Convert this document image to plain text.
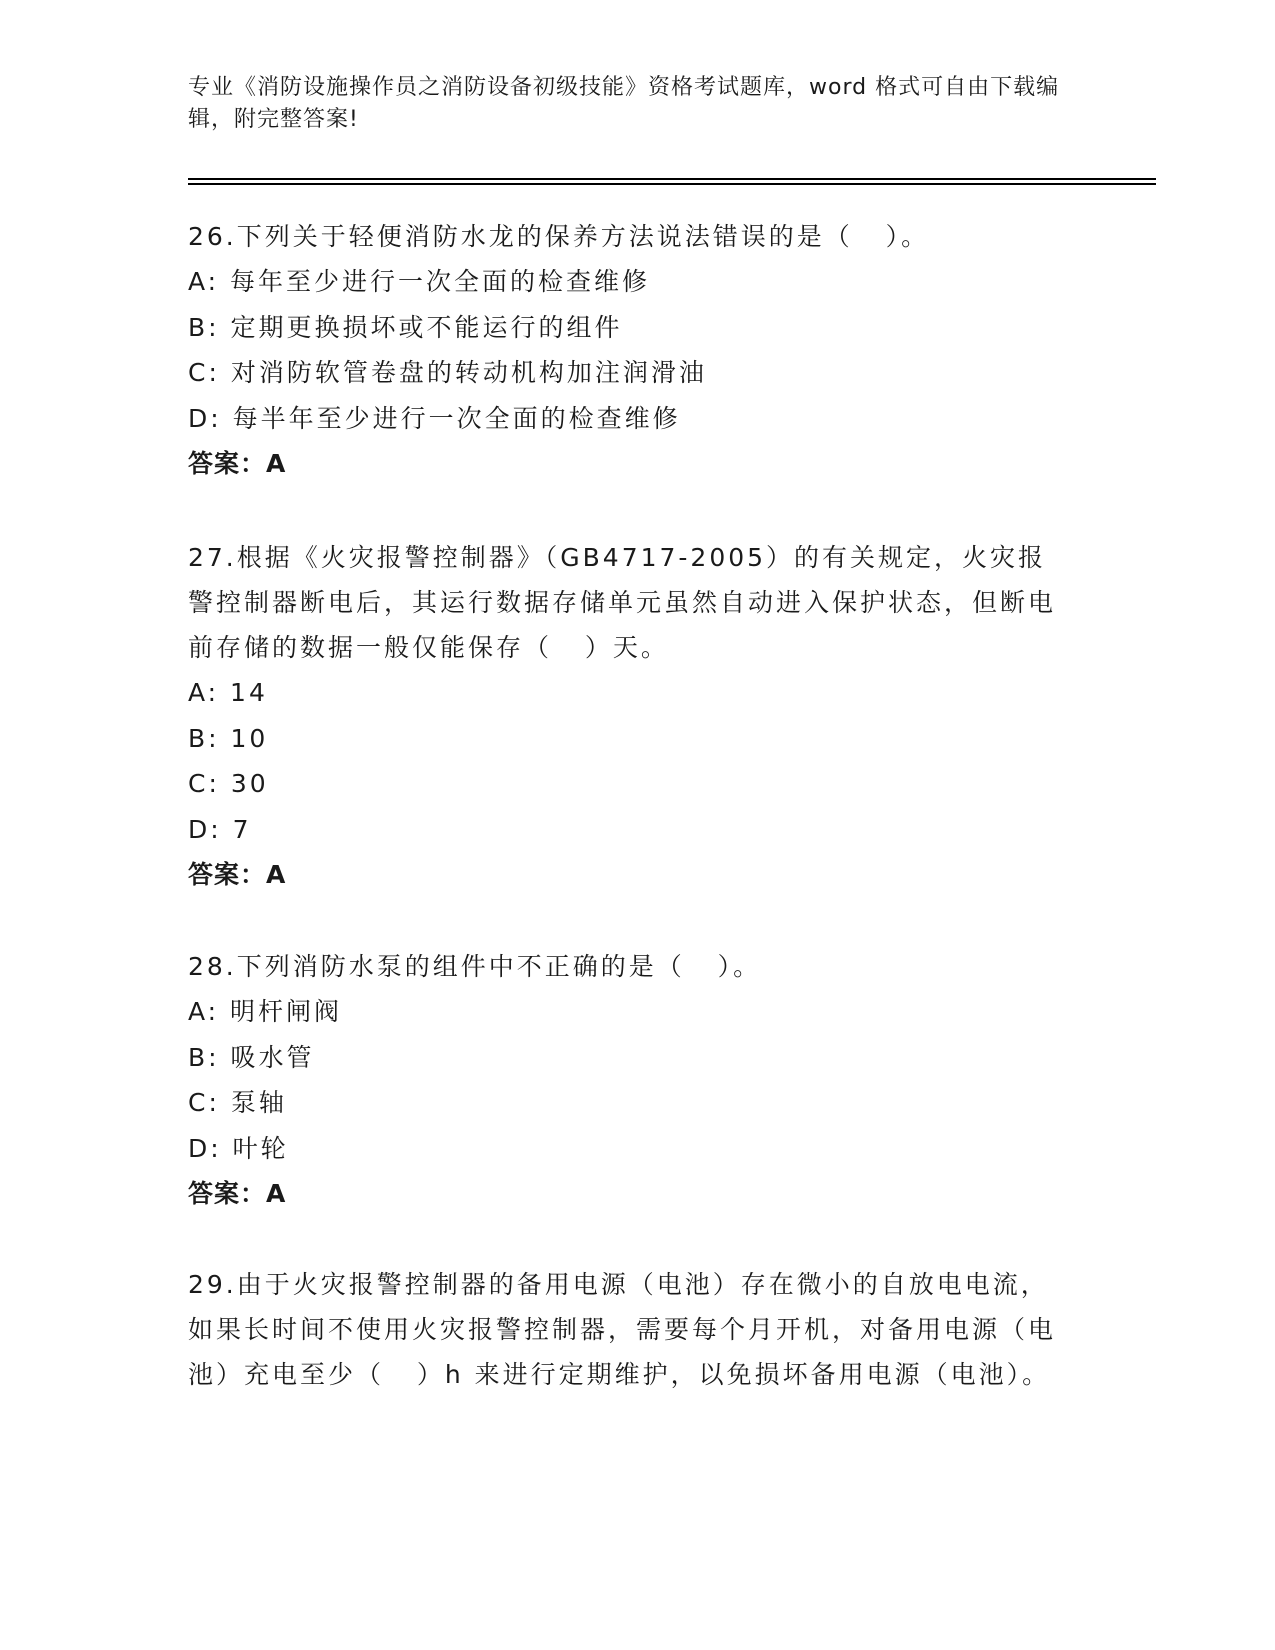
专业《消防设施操作员之消防设备初级技能》资格考试题库，word 格式可自由下载编辑，附完整答案!

26.下列关于轻便消防水龙的保养方法说法错误的是（   ）。

A: 每年至少进行一次全面的检查维修

B: 定期更换损坏或不能运行的组件

C: 对消防软管卷盘的转动机构加注润滑油

D: 每半年至少进行一次全面的检查维修

答案：A

27.根据《火灾报警控制器》（GB4717-2005）的有关规定，火灾报警控制器断电后，其运行数据存储单元虽然自动进入保护状态，但断电前存储的数据一般仅能保存（   ）天。

A: 14

B: 10

C: 30

D: 7

答案：A

28.下列消防水泵的组件中不正确的是（   ）。

A: 明杆闸阀

B: 吸水管

C: 泵轴

D: 叶轮

答案：A

29.由于火灾报警控制器的备用电源（电池）存在微小的自放电电流，如果长时间不使用火灾报警控制器，需要每个月开机，对备用电源（电池）充电至少（   ）h 来进行定期维护，以免损坏备用电源（电池）。
